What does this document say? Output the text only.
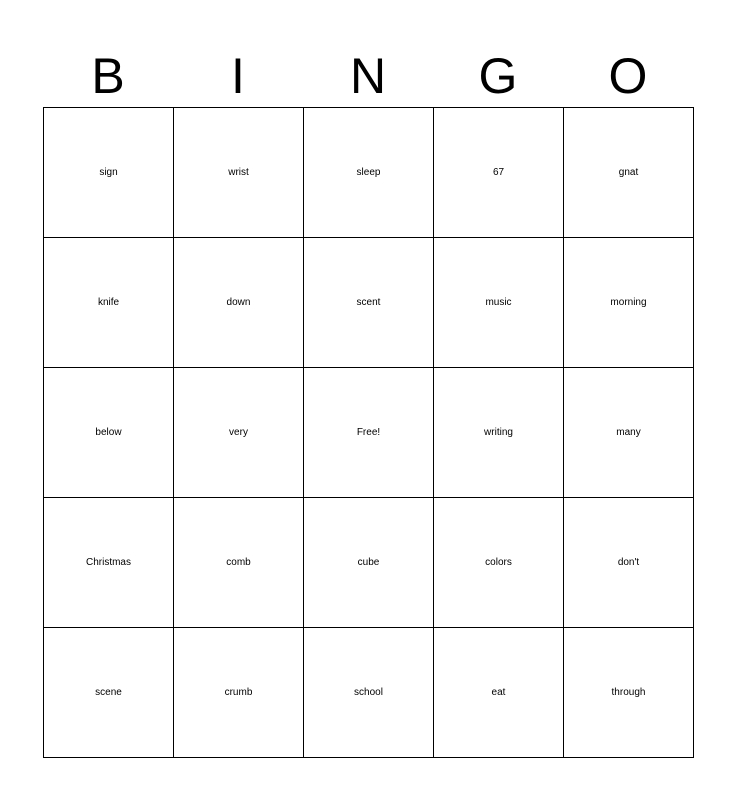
B	I	N	G	O
sign	wrist	sleep	67	gnat
knife	down	scent	music	morning
below	very	Free!	writing	many
Christmas	comb	cube	colors	don't
scene	crumb	school	eat	through
